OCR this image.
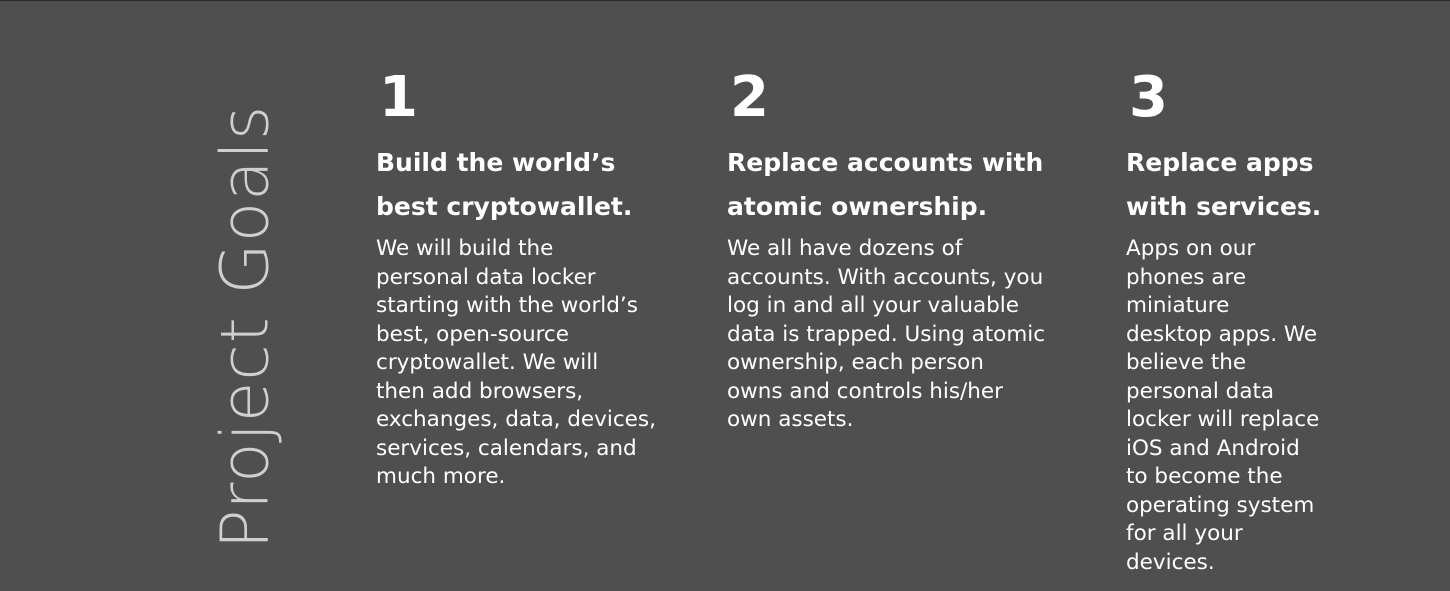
Project Goals
1
Build the world’s
best cryptowallet.
We will build the
personal data locker
starting with the world’s
best, open-source
cryptowallet. We will
then add browsers,
exchanges, data, devices,
services, calendars, and
much more.
2
Replace accounts with
atomic ownership.
We all have dozens of
accounts. With accounts, you
log in and all your valuable
data is trapped. Using atomic
ownership, each person
owns and controls his/her
own assets.
3
Replace apps
with services.
Apps on our
phones are
miniature
desktop apps. We
believe the
personal data
locker will replace
iOS and Android
to become the
operating system
for all your
devices.
